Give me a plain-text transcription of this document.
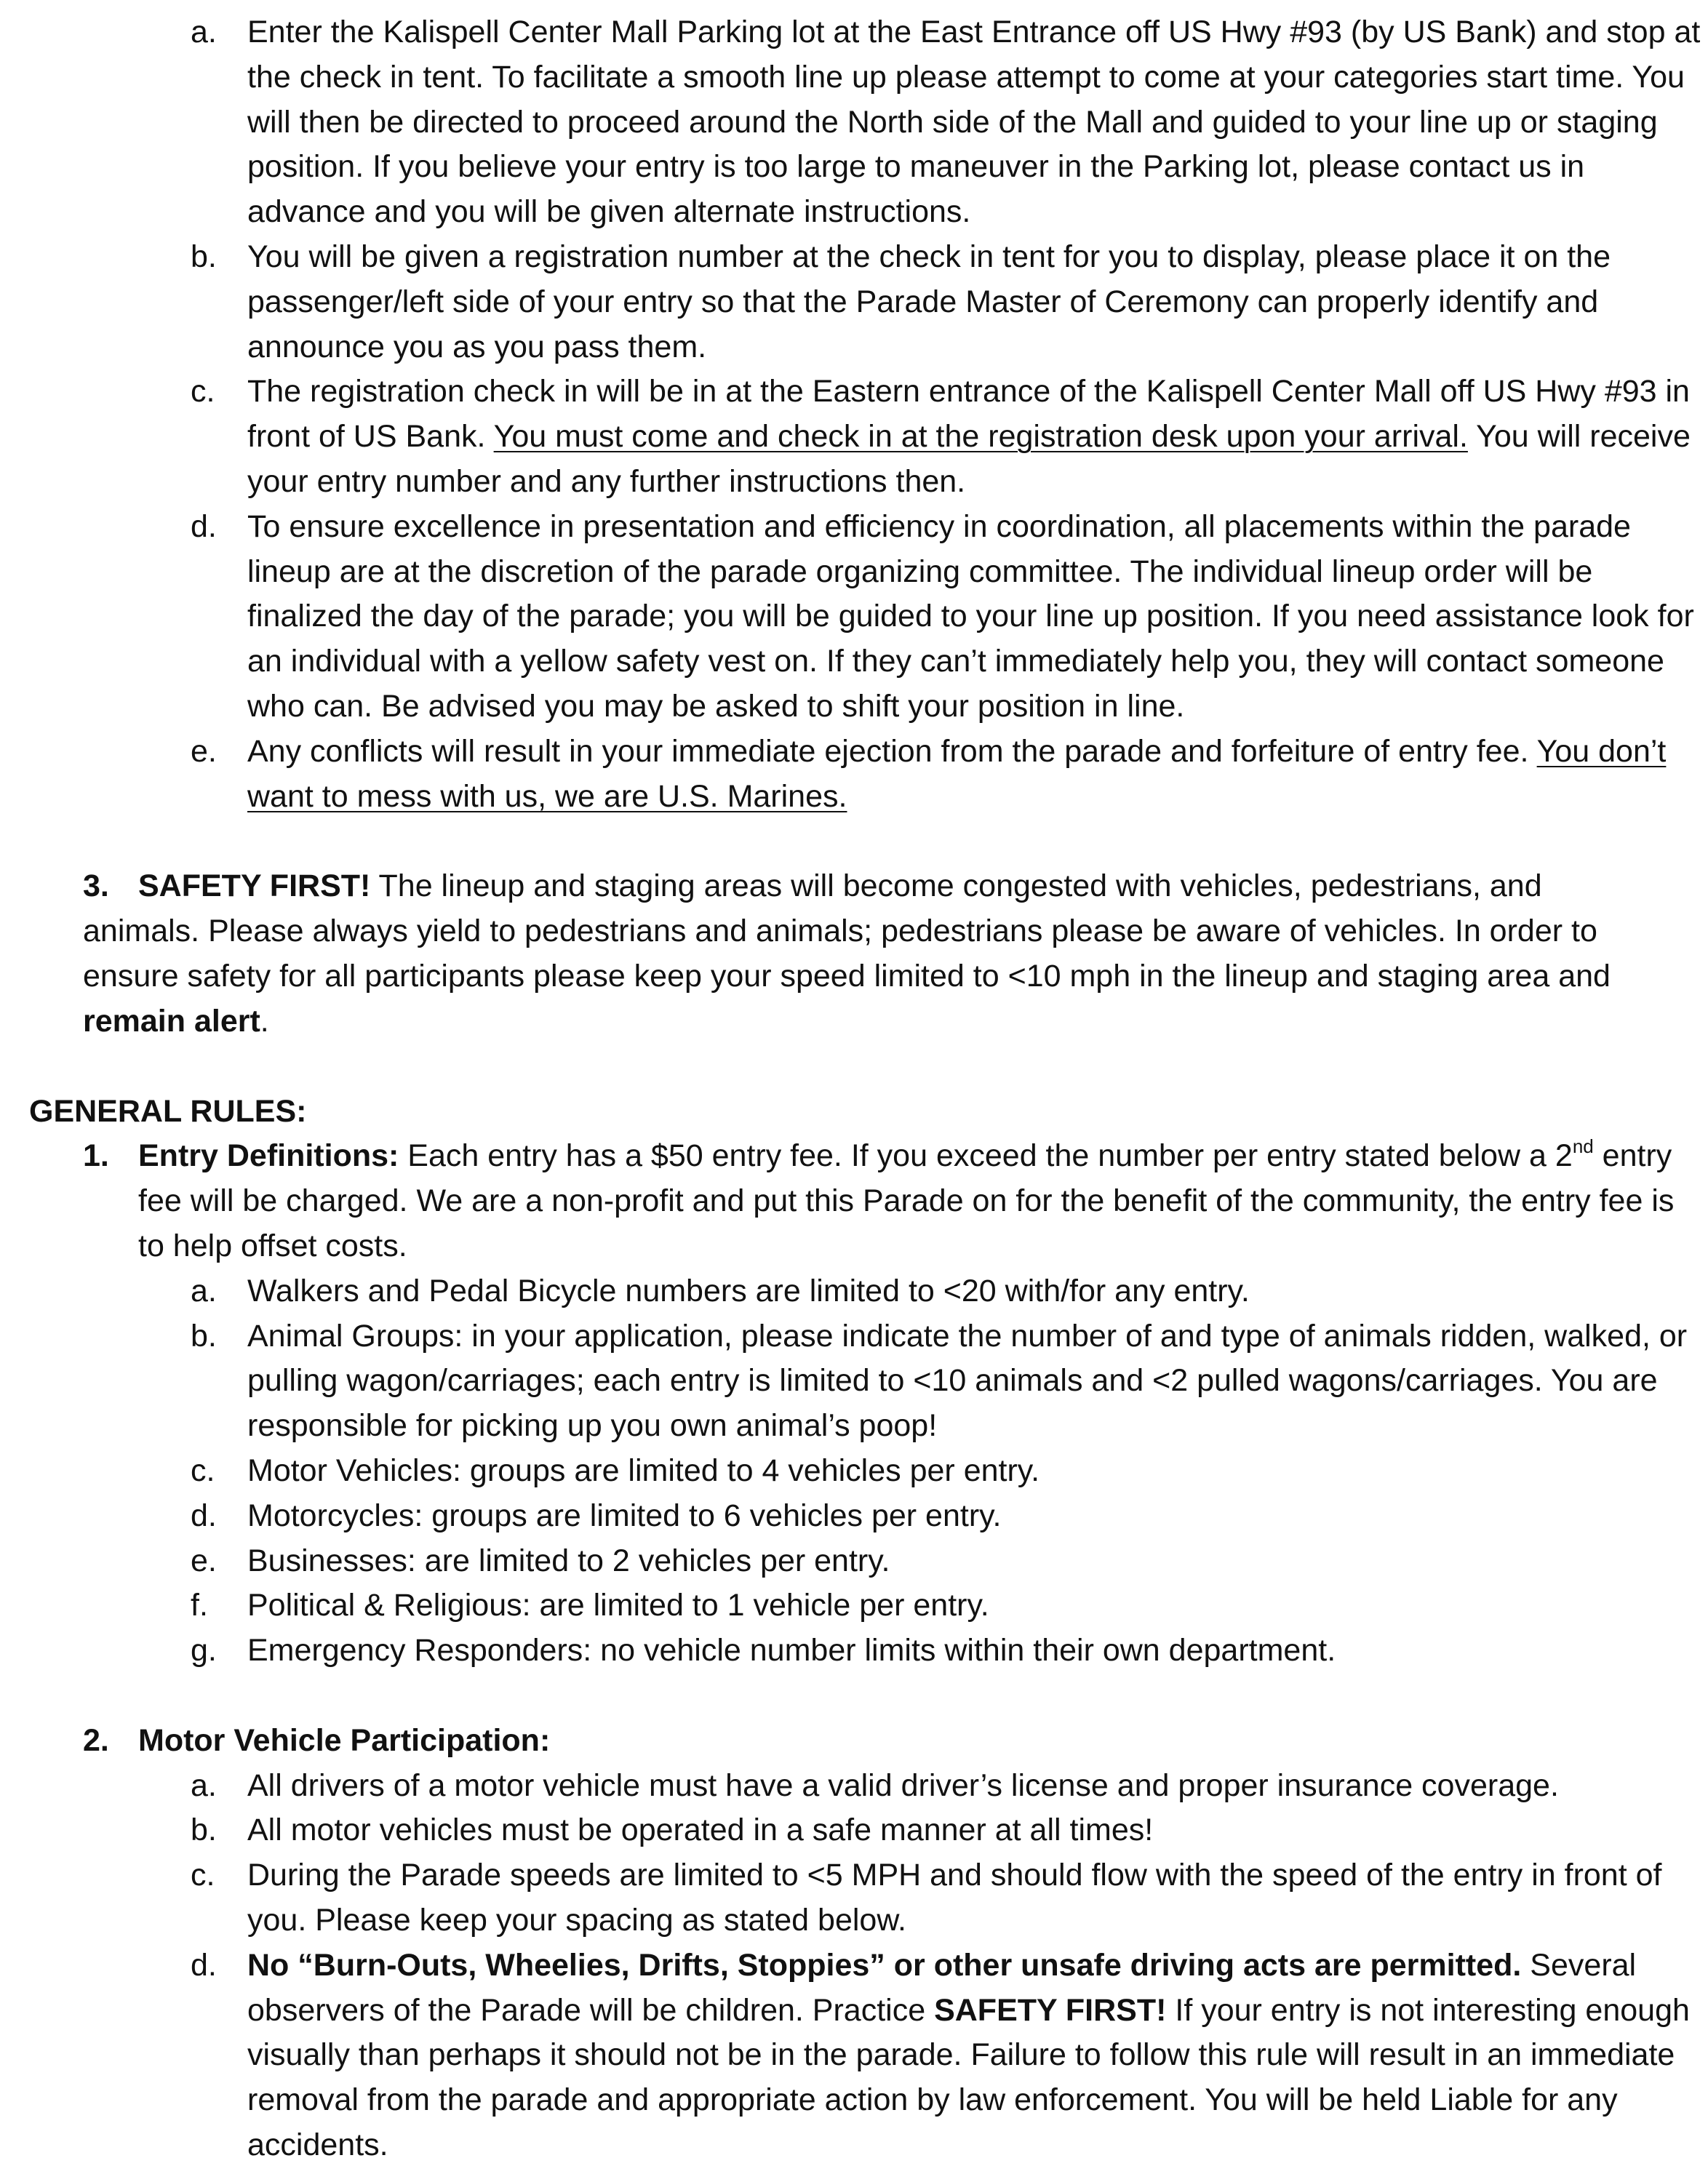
a. Enter the Kalispell Center Mall Parking lot at the East Entrance off US Hwy #93 (by US Bank) and stop at the check in tent. To facilitate a smooth line up please attempt to come at your categories start time. You will then be directed to proceed around the North side of the Mall and guided to your line up or staging position. If you believe your entry is too large to maneuver in the Parking lot, please contact us in advance and you will be given alternate instructions.
b. You will be given a registration number at the check in tent for you to display, please place it on the passenger/left side of your entry so that the Parade Master of Ceremony can properly identify and announce you as you pass them.
c.	The registration check in will be in at the Eastern entrance of the Kalispell Center Mall off US Hwy #93 in front of US Bank. You must come and check in at the registration desk upon your arrival. You will receive your entry number and any further instructions then.
d. To ensure excellence in presentation and efficiency in coordination, all placements within the parade lineup are at the discretion of the parade organizing committee. The individual lineup order will be finalized the day of the parade; you will be guided to your line up position. If you need assistance look for an individual with a yellow safety vest on. If they can’t immediately help you, they will contact someone who can. Be advised you may be asked to shift your position in line.
e. Any conflicts will result in your immediate ejection from the parade and forfeiture of entry fee. You don’t want to mess with us, we are U.S. Marines.
3. SAFETY FIRST! The lineup and staging areas will become congested with vehicles, pedestrians, and animals. Please always yield to pedestrians and animals; pedestrians please be aware of vehicles. In order to ensure safety for all participants please keep your speed limited to <10 mph in the lineup and staging area and remain alert.
GENERAL RULES:
1. Entry Definitions: Each entry has a $50 entry fee. If you exceed the number per entry stated below a 2nd entry fee will be charged. We are a non-profit and put this Parade on for the benefit of the community, the entry fee is to help offset costs.
a. Walkers and Pedal Bicycle numbers are limited to <20 with/for any entry.
b. Animal Groups: in your application, please indicate the number of and type of animals ridden, walked, or pulling wagon/carriages; each entry is limited to <10 animals and <2 pulled wagons/carriages. You are responsible for picking up you own animal’s poop!
c.	Motor Vehicles: groups are limited to 4 vehicles per entry.
d. Motorcycles: groups are limited to 6 vehicles per entry.
e. Businesses: are limited to 2 vehicles per entry.
f.	Political & Religious: are limited to 1 vehicle per entry.
g. Emergency Responders: no vehicle number limits within their own department.
2. Motor Vehicle Participation:
a. All drivers of a motor vehicle must have a valid driver’s license and proper insurance coverage.
b. All motor vehicles must be operated in a safe manner at all times!
c.	During the Parade speeds are limited to <5 MPH and should flow with the speed of the entry in front of you. Please keep your spacing as stated below.
d. No “Burn-Outs, Wheelies, Drifts, Stoppies” or other unsafe driving acts are permitted. Several observers of the Parade will be children. Practice SAFETY FIRST! If your entry is not interesting enough visually than perhaps it should not be in the parade. Failure to follow this rule will result in an immediate removal from the parade and appropriate action by law enforcement. You will be held Liable for any accidents.
